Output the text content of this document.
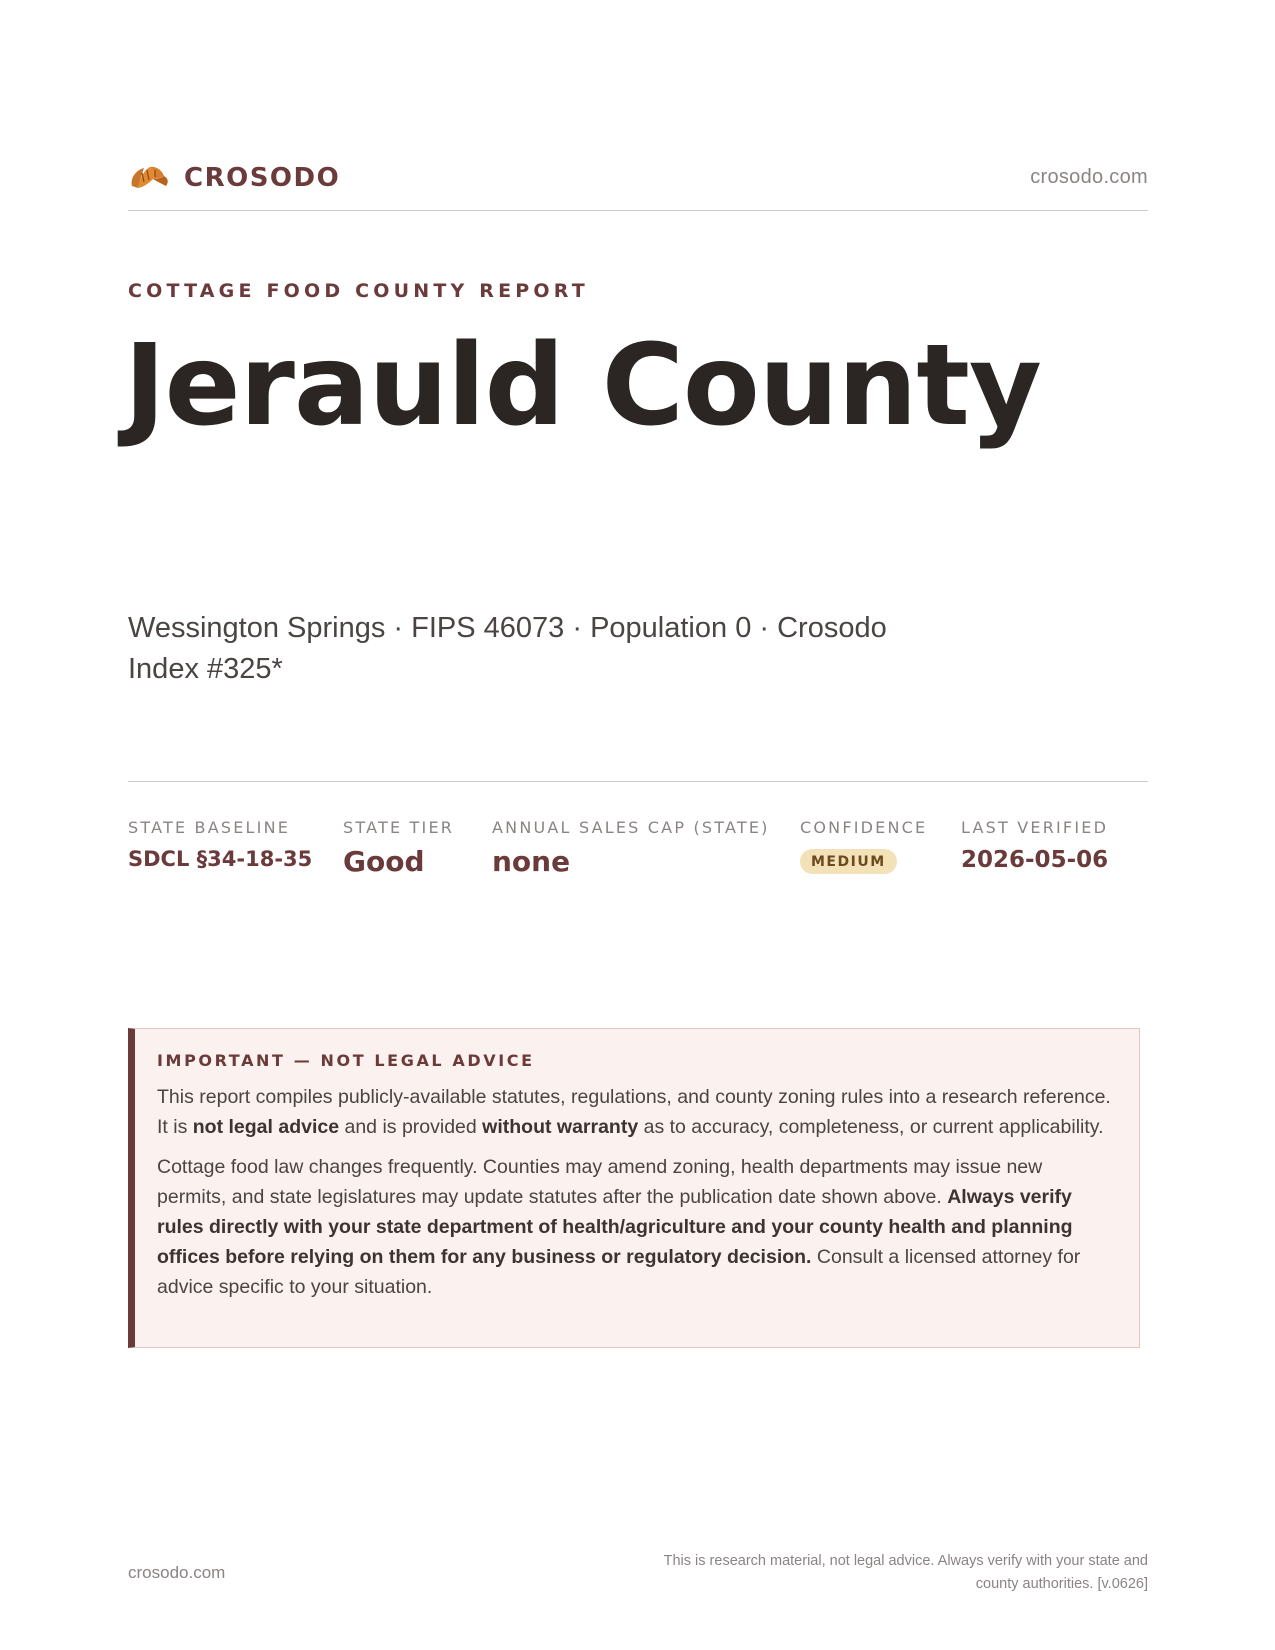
CROSODO	crosodo.com
COTTAGE FOOD COUNTY REPORT
Jerauld County
Wessington Springs · FIPS 46073 · Population 0 · Crosodo Index #325*
STATE BASELINE
SDCL §34-18-35
STATE TIER
Good
ANNUAL SALES CAP (STATE)
none
CONFIDENCE
MEDIUM
LAST VERIFIED
2026-05-06
IMPORTANT — NOT LEGAL ADVICE

This report compiles publicly-available statutes, regulations, and county zoning rules into a research reference. It is not legal advice and is provided without warranty as to accuracy, completeness, or current applicability.

Cottage food law changes frequently. Counties may amend zoning, health departments may issue new permits, and state legislatures may update statutes after the publication date shown above. Always verify rules directly with your state department of health/agriculture and your county health and planning offices before relying on them for any business or regulatory decision. Consult a licensed attorney for advice specific to your situation.

crosodo.com
This is research material, not legal advice. Always verify with your state and county authorities. [v.0626]
